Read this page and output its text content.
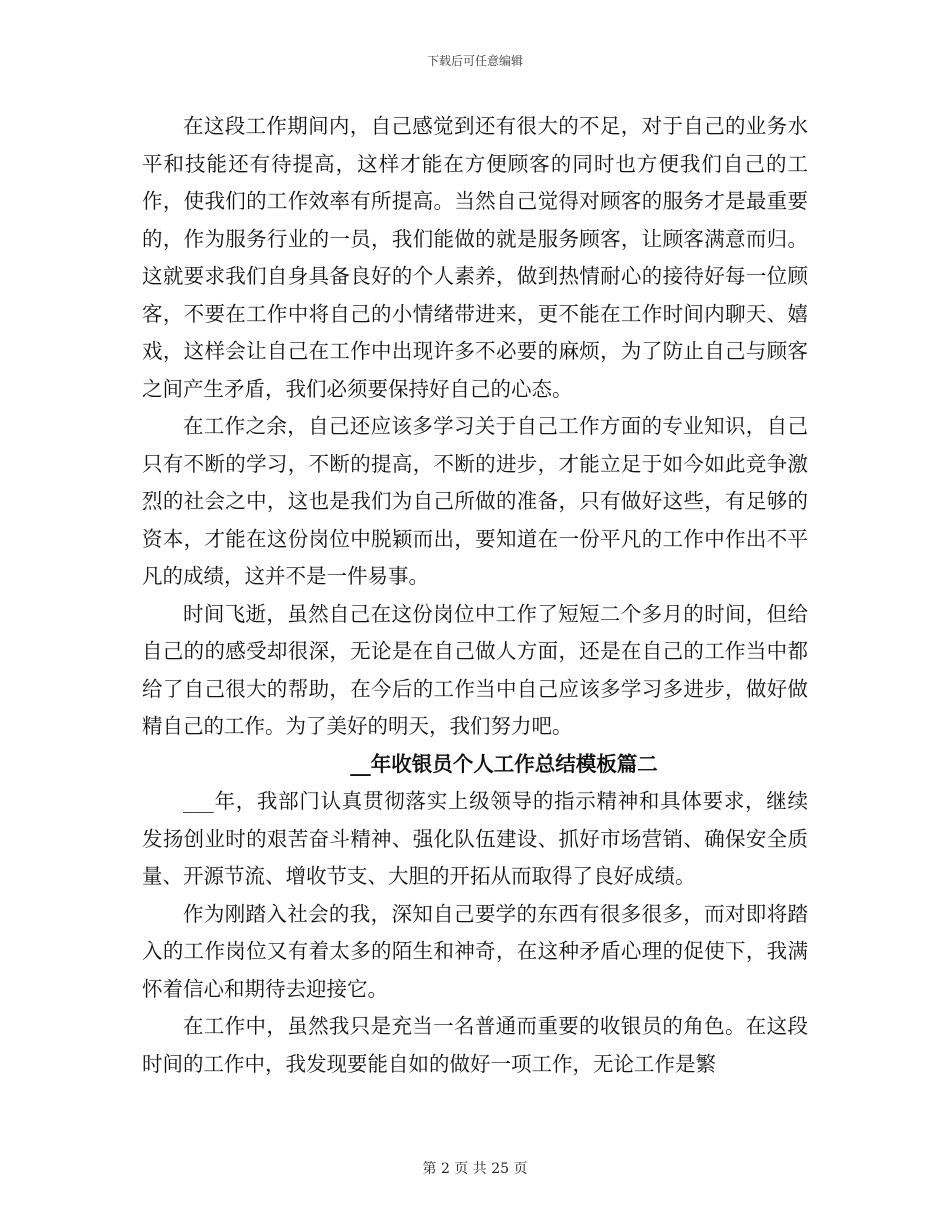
下载后可任意编辑

在这段工作期间内，自己感觉到还有很大的不足，对于自己的业务水平和技能还有待提高，这样才能在方便顾客的同时也方便我们自己的工作，使我们的工作效率有所提高。当然自己觉得对顾客的服务才是最重要的，作为服务行业的一员，我们能做的就是服务顾客，让顾客满意而归。这就要求我们自身具备良好的个人素养，做到热情耐心的接待好每一位顾客，不要在工作中将自己的小情绪带进来，更不能在工作时间内聊天、嬉戏，这样会让自己在工作中出现许多不必要的麻烦，为了防止自己与顾客之间产生矛盾，我们必须要保持好自己的心态。

在工作之余，自己还应该多学习关于自己工作方面的专业知识，自己只有不断的学习，不断的提高，不断的进步，才能立足于如今如此竞争激烈的社会之中，这也是我们为自己所做的准备，只有做好这些，有足够的资本，才能在这份岗位中脱颖而出，要知道在一份平凡的工作中作出不平凡的成绩，这并不是一件易事。

时间飞逝，虽然自己在这份岗位中工作了短短二个多月的时间，但给自己的的感受却很深，无论是在自己做人方面，还是在自己的工作当中都给了自己很大的帮助，在今后的工作当中自己应该多学习多进步，做好做精自己的工作。为了美好的明天，我们努力吧。

__年收银员个人工作总结模板篇二

___年，我部门认真贯彻落实上级领导的指示精神和具体要求，继续发扬创业时的艰苦奋斗精神、强化队伍建设、抓好市场营销、确保安全质量、开源节流、增收节支、大胆的开拓从而取得了良好成绩。

作为刚踏入社会的我，深知自己要学的东西有很多很多，而对即将踏入的工作岗位又有着太多的陌生和神奇，在这种矛盾心理的促使下，我满怀着信心和期待去迎接它。

在工作中，虽然我只是充当一名普通而重要的收银员的角色。在这段时间的工作中，我发现要能自如的做好一项工作，无论工作是繁

第 2 页 共 25 页
